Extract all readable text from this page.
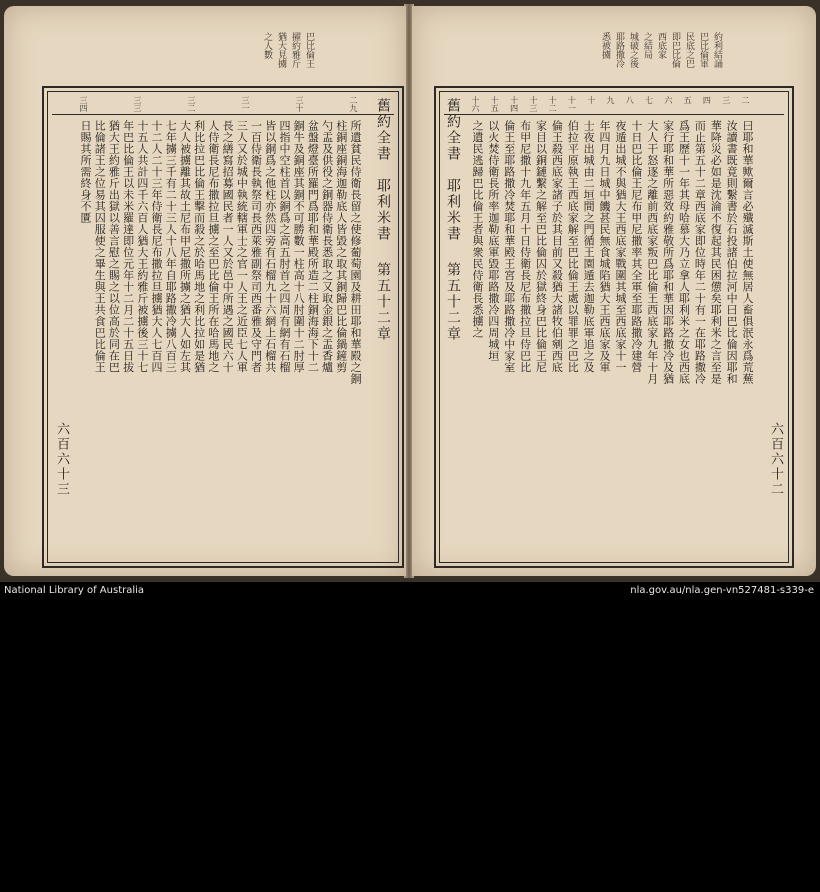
巴比倫王
擢約雅斤
猶大見擄
之人數
所遺貧民侍衛長留之使修葡萄園及耕田耶和華殿之銅
柱銅座銅海迦勒底人皆毀之取其銅歸巴比倫鍋鏟剪
勺盂及供役之銅器侍衛長悉取之又取金銀之盂香爐
盆盤燈臺所羅門爲耶和華殿所造二柱銅海海下十二
銅牛及銅座其銅不可勝數一柱高十八肘圍十二肘厚
四指中空柱首以銅爲之高五肘首之四周有網有石榴
皆以銅爲之他柱亦然四旁有石榴九十六網上石榴共
一百侍衛長執祭司長西萊雅副祭司西番雅及守門者
三人又於城中執統轄軍士之官一人王之近臣七人軍
長之繕寫招募國民者一人又於邑中所遇之國民六十
人侍衛長尼布撒拉旦擄之至巴比倫王所在哈馬地之
利比拉巴比倫王擊而殺之於哈馬地之利比拉如是猶
大人被擄離其故土尼布甲尼撒所擄之猶大人如左其
七年擄三千有二十三人十八年自耶路撒冷擄八百三
十二人二十三年侍衛長尼布撒拉旦擄猶大人七百四
十五人共計四千六百人猶大王約雅斤被擄後三十七
年巴比倫王以未米羅達即位元年十二月二十五日拔
猶大王約雅斤出獄以善言慰之賜之以位高於同在巴
比倫諸王之位易其囚服使之畢生與王共食巴比倫王
日賜其所需終身不匱
二九
三十
三一
三二
三三
三四	舊約全書　耶利米書
第五十二章
六百六十三
約利結誦
巴比倫軍
民底之巴
即巴比倫
西底家
之結局
城破之後
耶路撒冷
悉被擄
曰耶和華歟爾言必殲滅斯土使無居人畜俱泯永爲荒蕪
汝讀書既竟則繫書於石投諸伯拉河中曰巴比倫因耶和
華降災必如是沈淪不復起其民困憊矣耶利米之言至是
而止第五十二章西底家即位時年二十有一在耶路撒冷
爲王歷十一年其母哈慕大乃立拿人耶利米之女也西底
家行耶和華所惡效約雅敬所爲耶和華因耶路撒冷及猶
大人干怒逐之離前西底家叛巴比倫王西底家九年十月
十日巴比倫王尼布甲尼撒率其全軍至耶路撒冷建營
夜遁出城不與猶大王西底家戰圍其城至西底家十一
年四月九日城中饑甚民無食城陷猶大王西底家及軍
士夜出城由二垣間之門循王園遁去迦勒底軍追之及
伯拉平原執王西底家解至巴比倫王處以罪罪之巴比
倫王殺西底家諸子於其目前又殺猶大諸牧伯剜西底
家目以銅鏈繫之解至巴比倫囚於獄終身巴比倫王尼
布甲尼撒十九年五月十日侍衛長尼布撒拉旦侍巴比
倫王至耶路撒冷焚耶和華殿王宮及耶路撒冷中家室
以火焚侍衛長所率迦勒底軍毀耶路撒冷四周城垣
之遺民逃歸巴比倫王者與衆民侍衛長悉擄之
二
三
四
五
六
七
八
九
十
十一
十二
十三
十四
十五
十六
舊約全書　耶利米書
第五十二章
六百六十二
National Library of Australia	nla.gov.au/nla.gen-vn527481-s339-e
